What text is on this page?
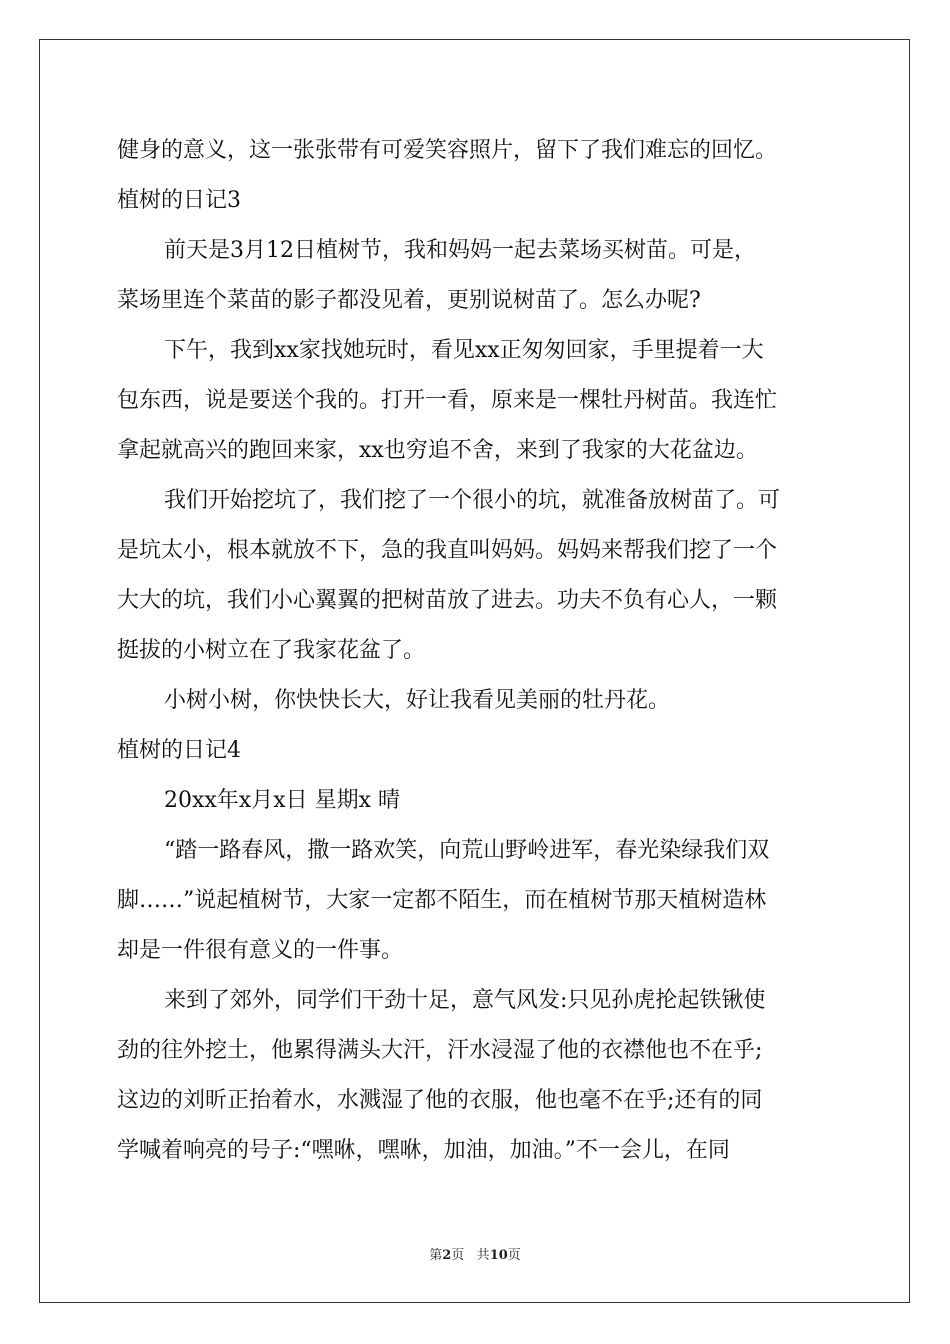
健身的意义，这一张张带有可爱笑容照片，留下了我们难忘的回忆。

植树的日记3

前天是3月12日植树节，我和妈妈一起去菜场买树苗。可是，

菜场里连个菜苗的影子都没见着，更别说树苗了。怎么办呢?

下午，我到xx家找她玩时，看见xx正匆匆回家，手里提着一大

包东西，说是要送个我的。打开一看，原来是一棵牡丹树苗。我连忙

拿起就高兴的跑回来家，xx也穷追不舍，来到了我家的大花盆边。

我们开始挖坑了，我们挖了一个很小的坑，就准备放树苗了。可

是坑太小，根本就放不下，急的我直叫妈妈。妈妈来帮我们挖了一个

大大的坑，我们小心翼翼的把树苗放了进去。功夫不负有心人，一颗

挺拔的小树立在了我家花盆了。

小树小树，你快快长大，好让我看见美丽的牡丹花。

植树的日记4

20xx年x月x日 星期x 晴

“踏一路春风，撒一路欢笑，向荒山野岭进军，春光染绿我们双

脚……”说起植树节，大家一定都不陌生，而在植树节那天植树造林

却是一件很有意义的一件事。

来到了郊外，同学们干劲十足，意气风发:只见孙虎抡起铁锹使

劲的往外挖土，他累得满头大汗，汗水浸湿了他的衣襟他也不在乎;

这边的刘昕正抬着水，水溅湿了他的衣服，他也毫不在乎;还有的同

学喊着响亮的号子:“嘿咻，嘿咻，加油，加油。”不一会儿，在同

第2页 共10页
